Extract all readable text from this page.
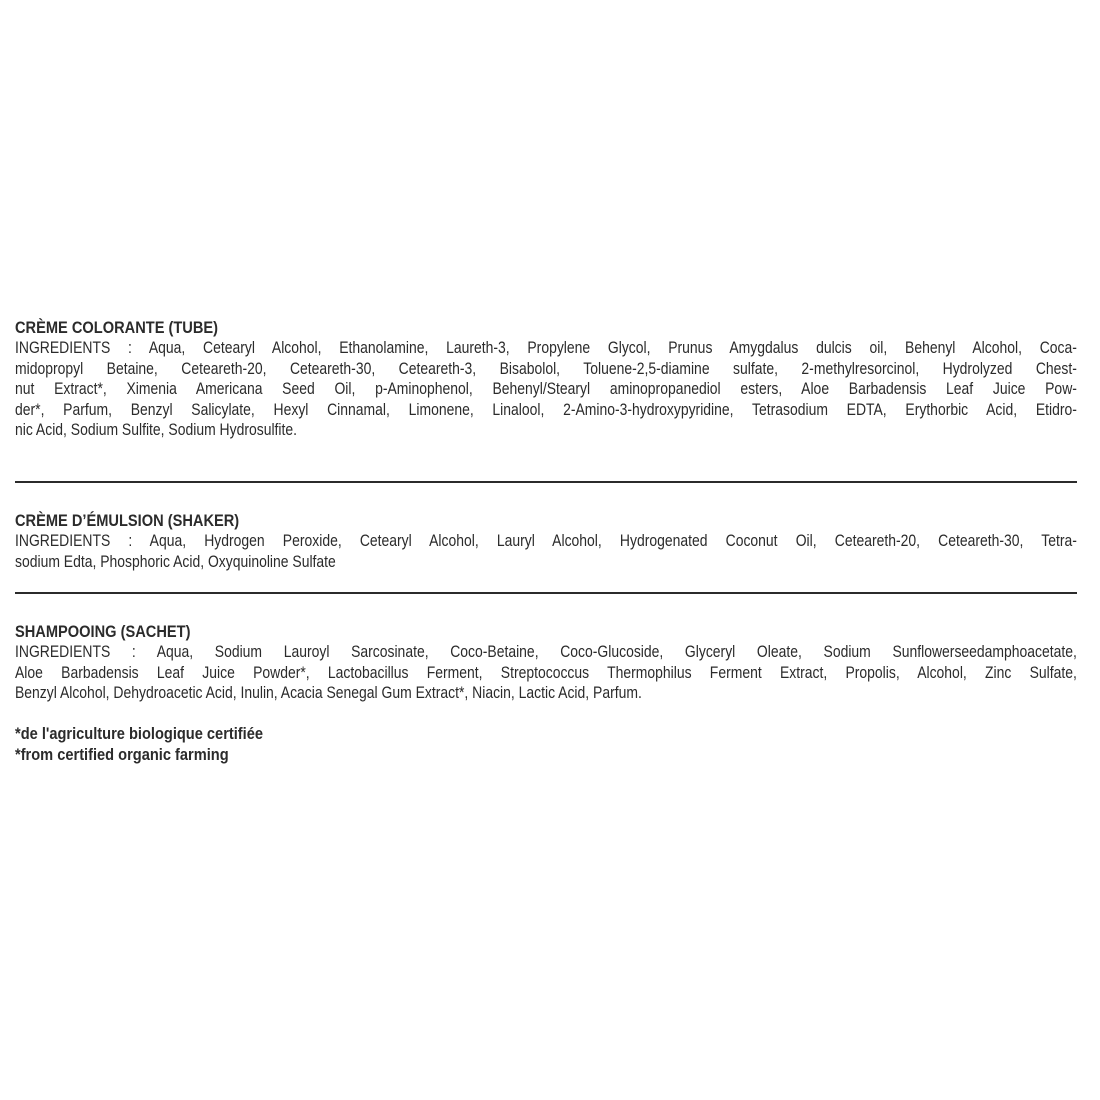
CRÈME COLORANTE (TUBE)
INGREDIENTS : Aqua, Cetearyl Alcohol, Ethanolamine, Laureth-3, Propylene Glycol, Prunus Amygdalus dulcis oil, Behenyl Alcohol, Coca-
midopropyl Betaine, Ceteareth-20, Ceteareth-30, Ceteareth-3, Bisabolol, Toluene-2,5-diamine sulfate, 2-methylresorcinol, Hydrolyzed Chest-
nut Extract*, Ximenia Americana Seed Oil, p-Aminophenol, Behenyl/Stearyl aminopropanediol esters, Aloe Barbadensis Leaf Juice Pow-
der*, Parfum, Benzyl Salicylate, Hexyl Cinnamal, Limonene, Linalool, 2-Amino-3-hydroxypyridine, Tetrasodium EDTA, Erythorbic Acid, Etidro-
nic Acid, Sodium Sulfite, Sodium Hydrosulfite.
CRÈME D’ÉMULSION (SHAKER)
INGREDIENTS : Aqua, Hydrogen Peroxide, Cetearyl Alcohol, Lauryl Alcohol, Hydrogenated Coconut Oil, Ceteareth-20, Ceteareth-30, Tetra-
sodium Edta, Phosphoric Acid, Oxyquinoline Sulfate
SHAMPOOING (SACHET)
INGREDIENTS : Aqua, Sodium Lauroyl Sarcosinate, Coco-Betaine, Coco-Glucoside, Glyceryl Oleate, Sodium Sunflowerseedamphoacetate,
Aloe Barbadensis Leaf Juice Powder*, Lactobacillus Ferment, Streptococcus Thermophilus Ferment Extract, Propolis, Alcohol, Zinc Sulfate,
Benzyl Alcohol, Dehydroacetic Acid, Inulin, Acacia Senegal Gum Extract*, Niacin, Lactic Acid, Parfum.
*de l'agriculture biologique certifiée
*from certified organic farming
